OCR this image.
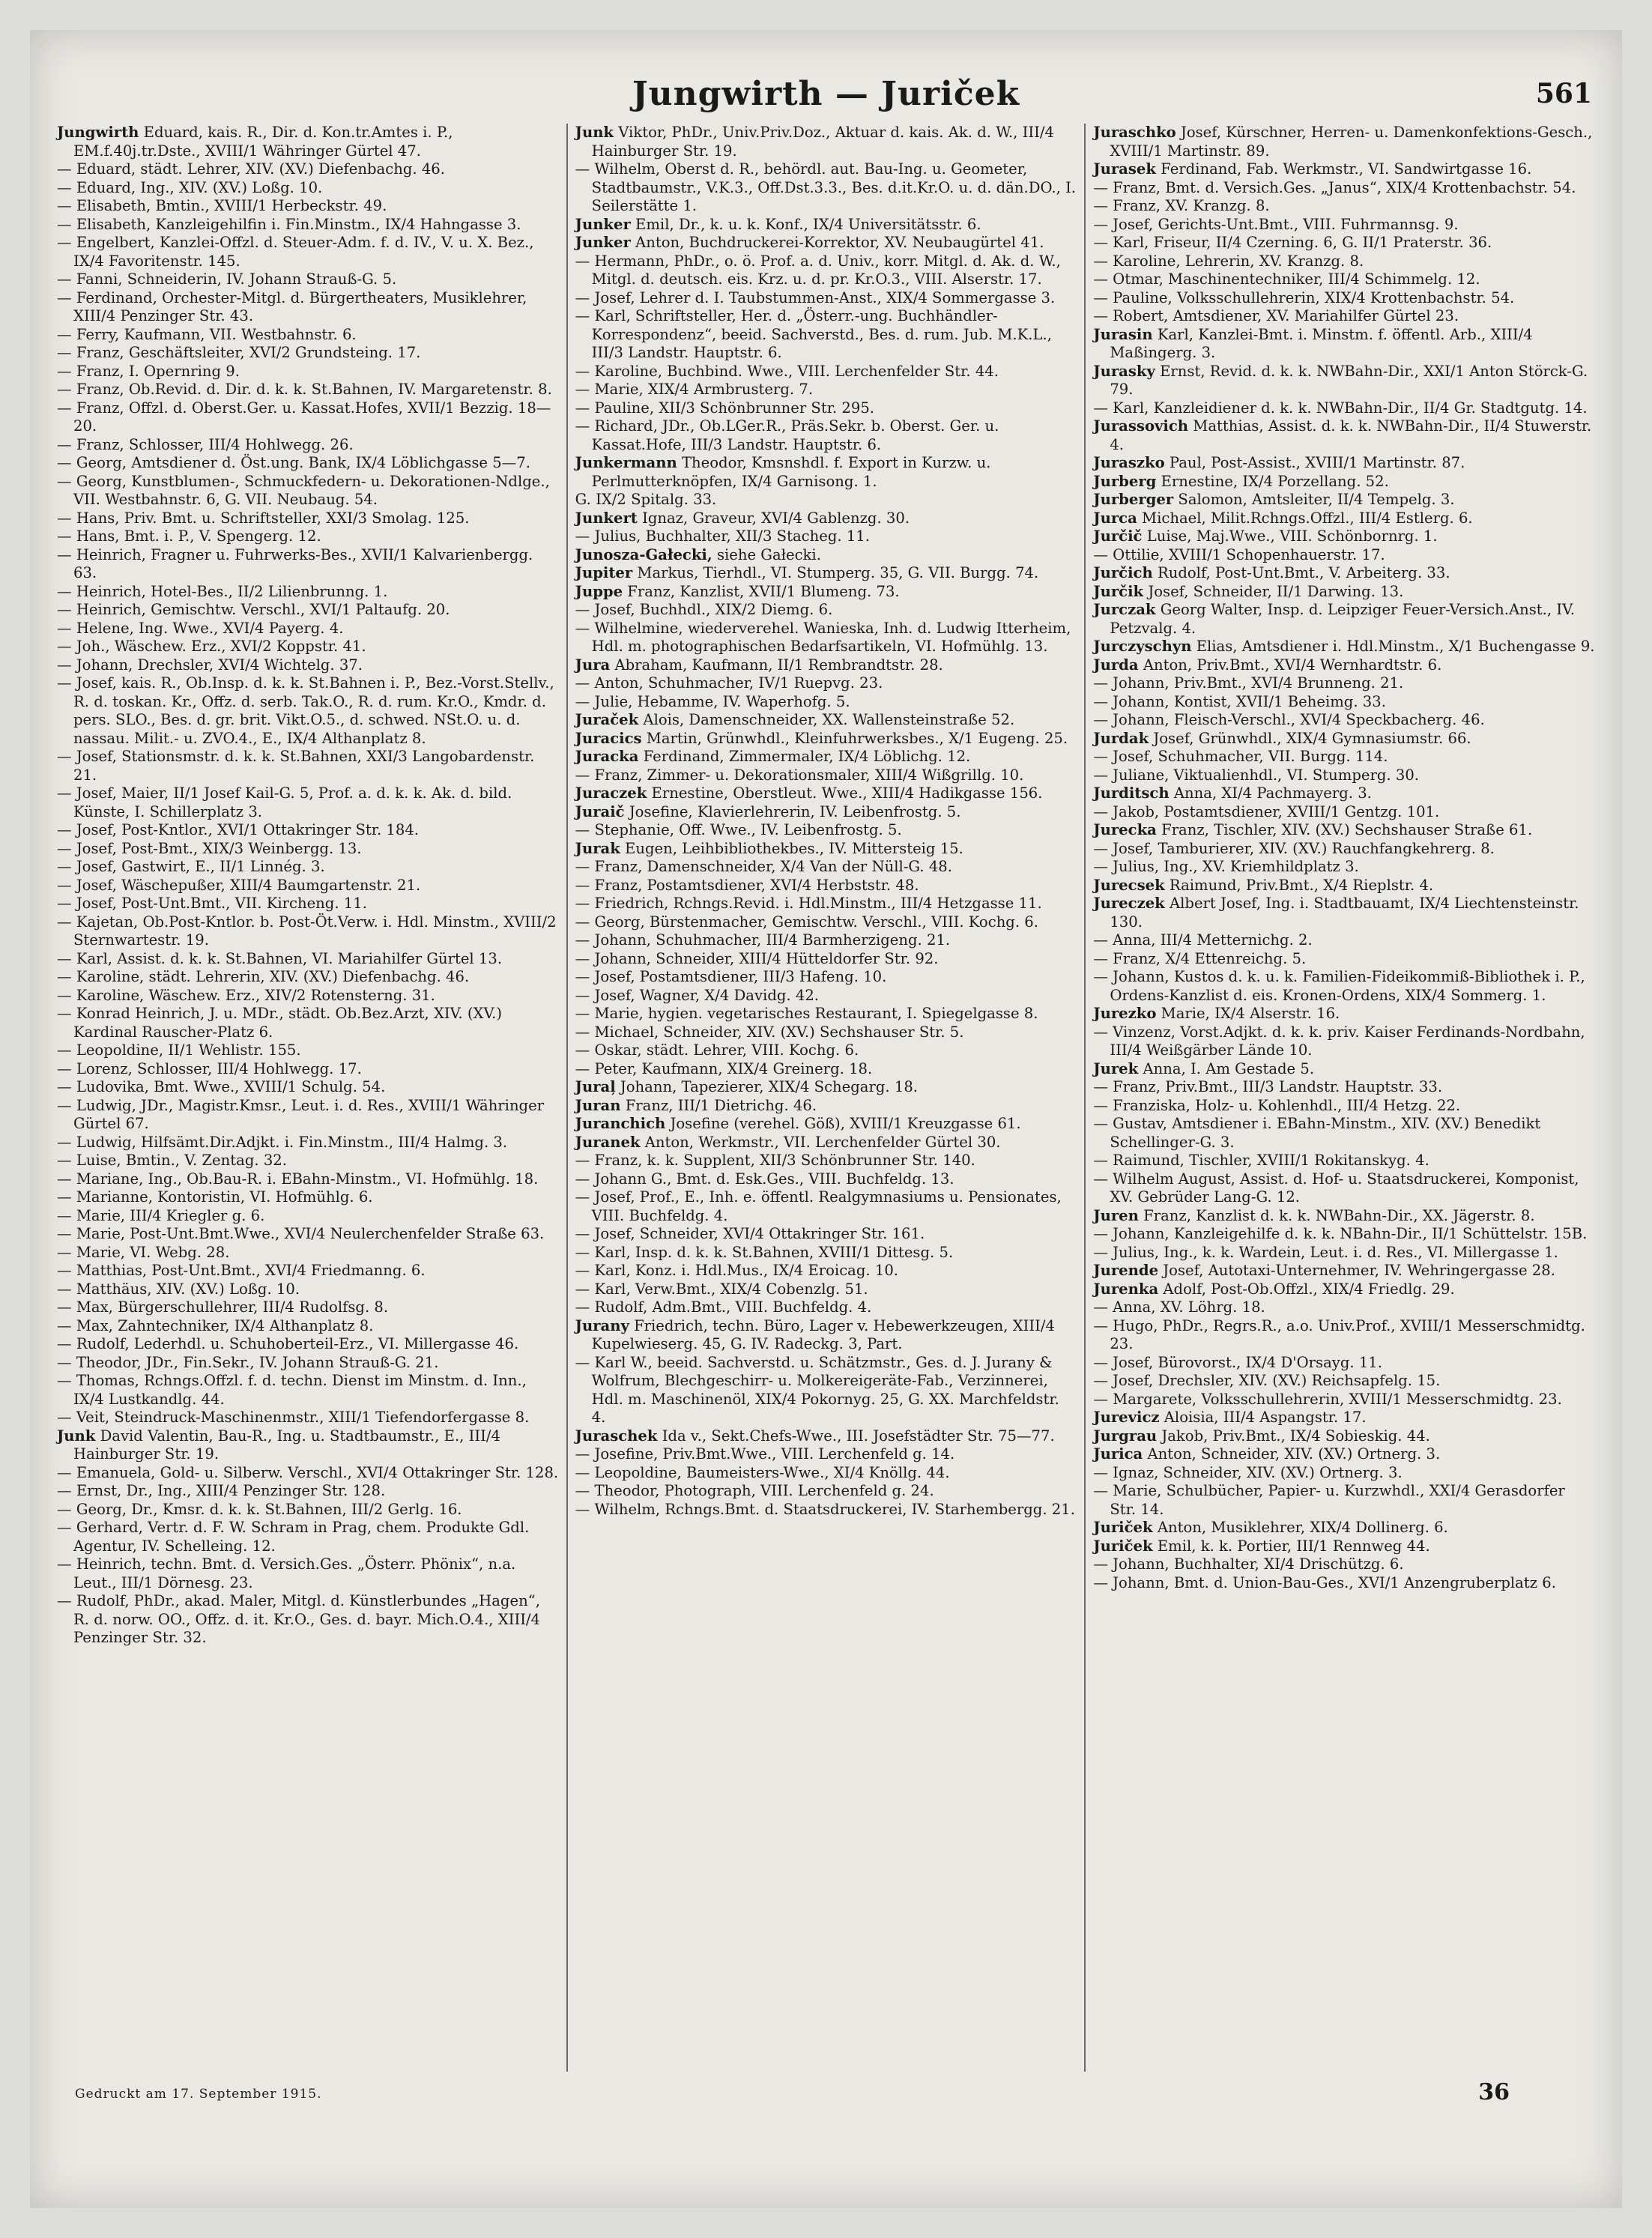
Jungwirth — Juriček	561

Jungwirth Eduard, kais. R., Dir. d. Kon.tr.Amtes i. P., EM.f.40j.tr.Dste., XVIII/1 Währinger Gürtel 47.

— Eduard, städt. Lehrer, XIV. (XV.) Diefenbachg. 46.

— Eduard, Ing., XIV. (XV.) Loßg. 10.

— Elisabeth, Bmtin., XVIII/1 Herbeckstr. 49.

— Elisabeth, Kanzleigehilfin i. Fin.Minstm., IX/4 Hahngasse 3.

— Engelbert, Kanzlei-Offzl. d. Steuer-Adm. f. d. IV., V. u. X. Bez., IX/4 Favoritenstr. 145.

— Fanni, Schneiderin, IV. Johann Strauß-G. 5.

— Ferdinand, Orchester-Mitgl. d. Bürgertheaters, Musiklehrer, XIII/4 Penzinger Str. 43.

— Ferry, Kaufmann, VII. Westbahnstr. 6.

— Franz, Geschäftsleiter, XVI/2 Grundsteing. 17.

— Franz, I. Opernring 9.

— Franz, Ob.Revid. d. Dir. d. k. k. St.Bahnen, IV. Margaretenstr. 8.

— Franz, Offzl. d. Oberst.Ger. u. Kassat.Hofes, XVII/1 Bezzig. 18—20.

— Franz, Schlosser, III/4 Hohlwegg. 26.

— Georg, Amtsdiener d. Öst.ung. Bank, IX/4 Löblichgasse 5—7.

— Georg, Kunstblumen-, Schmuckfedern- u. Dekorationen-Ndlge., VII. Westbahnstr. 6, G. VII. Neubaug. 54.

— Hans, Priv. Bmt. u. Schriftsteller, XXI/3 Smolag. 125.

— Hans, Bmt. i. P., V. Spengerg. 12.

— Heinrich, Fragner u. Fuhrwerks-Bes., XVII/1 Kalvarienbergg. 63.

— Heinrich, Hotel-Bes., II/2 Lilienbrunng. 1.

— Heinrich, Gemischtw. Verschl., XVI/1 Paltaufg. 20.

— Helene, Ing. Wwe., XVI/4 Payerg. 4.

— Joh., Wäschew. Erz., XVI/2 Koppstr. 41.

— Johann, Drechsler, XVI/4 Wichtelg. 37.

— Josef, kais. R., Ob.Insp. d. k. k. St.Bahnen i. P., Bez.-Vorst.Stellv., R. d. toskan. Kr., Offz. d. serb. Tak.O., R. d. rum. Kr.O., Kmdr. d. pers. SLO., Bes. d. gr. brit. Vikt.O.5., d. schwed. NSt.O. u. d. nassau. Milit.- u. ZVO.4., E., IX/4 Althanplatz 8.

— Josef, Stationsmstr. d. k. k. St.Bahnen, XXI/3 Langobardenstr. 21.

— Josef, Maier, II/1 Josef Kail-G. 5, Prof. a. d. k. k. Ak. d. bild. Künste, I. Schillerplatz 3.

— Josef, Post-Kntlor., XVI/1 Ottakringer Str. 184.

— Josef, Post-Bmt., XIX/3 Weinbergg. 13.

— Josef, Gastwirt, E., II/1 Linnég. 3.

— Josef, Wäschepußer, XIII/4 Baumgartenstr. 21.

— Josef, Post-Unt.Bmt., VII. Kircheng. 11.

— Kajetan, Ob.Post-Kntlor. b. Post-Öt.Verw. i. Hdl. Minstm., XVIII/2 Sternwartestr. 19.

— Karl, Assist. d. k. k. St.Bahnen, VI. Mariahilfer Gürtel 13.

— Karoline, städt. Lehrerin, XIV. (XV.) Diefenbachg. 46.

— Karoline, Wäschew. Erz., XIV/2 Rotensterng. 31.

— Konrad Heinrich, J. u. MDr., städt. Ob.Bez.Arzt, XIV. (XV.) Kardinal Rauscher-Platz 6.

— Leopoldine, II/1 Wehlistr. 155.

— Lorenz, Schlosser, III/4 Hohlwegg. 17.

— Ludovika, Bmt. Wwe., XVIII/1 Schulg. 54.

— Ludwig, JDr., Magistr.Kmsr., Leut. i. d. Res., XVIII/1 Währinger Gürtel 67.

— Ludwig, Hilfsämt.Dir.Adjkt. i. Fin.Minstm., III/4 Halmg. 3.

— Luise, Bmtin., V. Zentag. 32.

— Mariane, Ing., Ob.Bau-R. i. EBahn-Minstm., VI. Hofmühlg. 18.

— Marianne, Kontoristin, VI. Hofmühlg. 6.

— Marie, III/4 Kriegler g. 6.

— Marie, Post-Unt.Bmt.Wwe., XVI/4 Neulerchenfelder Straße 63.

— Marie, VI. Webg. 28.

— Matthias, Post-Unt.Bmt., XVI/4 Friedmanng. 6.

— Matthäus, XIV. (XV.) Loßg. 10.

— Max, Bürgerschullehrer, III/4 Rudolfsg. 8.

— Max, Zahntechniker, IX/4 Althanplatz 8.

— Rudolf, Lederhdl. u. Schuhoberteil-Erz., VI. Millergasse 46.

— Theodor, JDr., Fin.Sekr., IV. Johann Strauß-G. 21.

— Thomas, Rchngs.Offzl. f. d. techn. Dienst im Minstm. d. Inn., IX/4 Lustkandlg. 44.

— Veit, Steindruck-Maschinenmstr., XIII/1 Tiefendorfergasse 8.

Junk David Valentin, Bau-R., Ing. u. Stadtbaumstr., E., III/4 Hainburger Str. 19.

— Emanuela, Gold- u. Silberw. Verschl., XVI/4 Ottakringer Str. 128.

— Ernst, Dr., Ing., XIII/4 Penzinger Str. 128.

— Georg, Dr., Kmsr. d. k. k. St.Bahnen, III/2 Gerlg. 16.

— Gerhard, Vertr. d. F. W. Schram in Prag, chem. Produkte Gdl. Agentur, IV. Schelleing. 12.

— Heinrich, techn. Bmt. d. Versich.Ges. „Österr. Phönix“, n.a. Leut., III/1 Dörnesg. 23.

— Rudolf, PhDr., akad. Maler, Mitgl. d. Künstlerbundes „Hagen“, R. d. norw. OO., Offz. d. it. Kr.O., Ges. d. bayr. Mich.O.4., XIII/4 Penzinger Str. 32.

Junk Viktor, PhDr., Univ.Priv.Doz., Aktuar d. kais. Ak. d. W., III/4 Hainburger Str. 19.

— Wilhelm, Oberst d. R., behördl. aut. Bau-Ing. u. Geometer, Stadtbaumstr., V.K.3., Off.Dst.3.3., Bes. d.it.Kr.O. u. d. dän.DO., I. Seilerstätte 1.

Junker Emil, Dr., k. u. k. Konf., IX/4 Universitätsstr. 6.

Junker Anton, Buchdruckerei-Korrektor, XV. Neubaugürtel 41.

— Hermann, PhDr., o. ö. Prof. a. d. Univ., korr. Mitgl. d. Ak. d. W., Mitgl. d. deutsch. eis. Krz. u. d. pr. Kr.O.3., VIII. Alserstr. 17.

— Josef, Lehrer d. I. Taubstummen-Anst., XIX/4 Sommergasse 3.

— Karl, Schriftsteller, Her. d. „Österr.-ung. Buchhändler-Korrespondenz“, beeid. Sachverstd., Bes. d. rum. Jub. M.K.L., III/3 Landstr. Hauptstr. 6.

— Karoline, Buchbind. Wwe., VIII. Lerchenfelder Str. 44.

— Marie, XIX/4 Armbrusterg. 7.

— Pauline, XII/3 Schönbrunner Str. 295.

— Richard, JDr., Ob.LGer.R., Präs.Sekr. b. Oberst. Ger. u. Kassat.Hofe, III/3 Landstr. Hauptstr. 6.

Junkermann Theodor, Kmsnshdl. f. Export in Kurzw. u. Perlmutterknöpfen, IX/4 Garnisong. 1.

G. IX/2 Spitalg. 33.

Junkert Ignaz, Graveur, XVI/4 Gablenzg. 30.

— Julius, Buchhalter, XII/3 Stacheg. 11.

Junosza-Gałecki, siehe Gałecki.

Jupiter Markus, Tierhdl., VI. Stumperg. 35, G. VII. Burgg. 74.

Juppe Franz, Kanzlist, XVII/1 Blumeng. 73.

— Josef, Buchhdl., XIX/2 Diemg. 6.

— Wilhelmine, wiederverehel. Wanieska, Inh. d. Ludwig Itterheim, Hdl. m. photographischen Bedarfsartikeln, VI. Hofmühlg. 13.

Jura Abraham, Kaufmann, II/1 Rembrandtstr. 28.

— Anton, Schuhmacher, IV/1 Ruepvg. 23.

— Julie, Hebamme, IV. Waperhofg. 5.

Juraček Alois, Damenschneider, XX. Wallensteinstraße 52.

Juracics Martin, Grünwhdl., Kleinfuhrwerksbes., X/1 Eugeng. 25.

Juracka Ferdinand, Zimmermaler, IX/4 Löblichg. 12.

— Franz, Zimmer- u. Dekorationsmaler, XIII/4 Wißgrillg. 10.

Juraczek Ernestine, Oberstleut. Wwe., XIII/4 Hadikgasse 156.

Juraič Josefine, Klavierlehrerin, IV. Leibenfrostg. 5.

— Stephanie, Off. Wwe., IV. Leibenfrostg. 5.

Jurak Eugen, Leihbibliothekbes., IV. Mittersteig 15.

— Franz, Damenschneider, X/4 Van der Nüll-G. 48.

— Franz, Postamtsdiener, XVI/4 Herbststr. 48.

— Friedrich, Rchngs.Revid. i. Hdl.Minstm., III/4 Hetzgasse 11.

— Georg, Bürstenmacher, Gemischtw. Verschl., VIII. Kochg. 6.

— Johann, Schuhmacher, III/4 Barmherzigeng. 21.

— Johann, Schneider, XIII/4 Hütteldorfer Str. 92.

— Josef, Postamtsdiener, III/3 Hafeng. 10.

— Josef, Wagner, X/4 Davidg. 42.

— Marie, hygien. vegetarisches Restaurant, I. Spiegelgasse 8.

— Michael, Schneider, XIV. (XV.) Sechshauser Str. 5.

— Oskar, städt. Lehrer, VIII. Kochg. 6.

— Peter, Kaufmann, XIX/4 Greinerg. 18.

Juraļ Johann, Tapezierer, XIX/4 Schegarg. 18.

Juran Franz, III/1 Dietrichg. 46.

Juranchich Josefine (verehel. Göß), XVIII/1 Kreuzgasse 61.

Juranek Anton, Werkmstr., VII. Lerchenfelder Gürtel 30.

— Franz, k. k. Supplent, XII/3 Schönbrunner Str. 140.

— Johann G., Bmt. d. Esk.Ges., VIII. Buchfeldg. 13.

— Josef, Prof., E., Inh. e. öffentl. Realgymnasiums u. Pensionates, VIII. Buchfeldg. 4.

— Josef, Schneider, XVI/4 Ottakringer Str. 161.

— Karl, Insp. d. k. k. St.Bahnen, XVIII/1 Dittesg. 5.

— Karl, Konz. i. Hdl.Mus., IX/4 Eroicag. 10.

— Karl, Verw.Bmt., XIX/4 Cobenzlg. 51.

— Rudolf, Adm.Bmt., VIII. Buchfeldg. 4.

Jurany Friedrich, techn. Büro, Lager v. Hebewerkzeugen, XIII/4 Kupelwieserg. 45, G. IV. Radeckg. 3, Part.

— Karl W., beeid. Sachverstd. u. Schätzmstr., Ges. d. J. Jurany & Wolfrum, Blechgeschirr- u. Molkereigeräte-Fab., Verzinnerei, Hdl. m. Maschinenöl, XIX/4 Pokornyg. 25, G. XX. Marchfeldstr. 4.

Juraschek Ida v., Sekt.Chefs-Wwe., III. Josefstädter Str. 75—77.

— Josefine, Priv.Bmt.Wwe., VIII. Lerchenfeld g. 14.

— Leopoldine, Baumeisters-Wwe., XI/4 Knöllg. 44.

— Theodor, Photograph, VIII. Lerchenfeld g. 24.

— Wilhelm, Rchngs.Bmt. d. Staatsdruckerei, IV. Starhembergg. 21.

Juraschko Josef, Kürschner, Herren- u. Damenkonfektions-Gesch., XVIII/1 Martinstr. 89.

Jurasek Ferdinand, Fab. Werkmstr., VI. Sandwirtgasse 16.

— Franz, Bmt. d. Versich.Ges. „Janus“, XIX/4 Krottenbachstr. 54.

— Franz, XV. Kranzg. 8.

— Josef, Gerichts-Unt.Bmt., VIII. Fuhrmannsg. 9.

— Karl, Friseur, II/4 Czerning. 6, G. II/1 Praterstr. 36.

— Karoline, Lehrerin, XV. Kranzg. 8.

— Otmar, Maschinentechniker, III/4 Schimmelg. 12.

— Pauline, Volksschullehrerin, XIX/4 Krottenbachstr. 54.

— Robert, Amtsdiener, XV. Mariahilfer Gürtel 23.

Jurasin Karl, Kanzlei-Bmt. i. Minstm. f. öffentl. Arb., XIII/4 Maßingerg. 3.

Jurasky Ernst, Revid. d. k. k. NWBahn-Dir., XXI/1 Anton Störck-G. 79.

— Karl, Kanzleidiener d. k. k. NWBahn-Dir., II/4 Gr. Stadtgutg. 14.

Jurassovich Matthias, Assist. d. k. k. NWBahn-Dir., II/4 Stuwerstr. 4.

Juraszko Paul, Post-Assist., XVIII/1 Martinstr. 87.

Jurberg Ernestine, IX/4 Porzellang. 52.

Jurberger Salomon, Amtsleiter, II/4 Tempelg. 3.

Jurca Michael, Milit.Rchngs.Offzl., III/4 Estlerg. 6.

Jurčič Luise, Maj.Wwe., VIII. Schönbornrg. 1.

— Ottilie, XVIII/1 Schopenhauerstr. 17.

Jurčich Rudolf, Post-Unt.Bmt., V. Arbeiterg. 33.

Jurčik Josef, Schneider, II/1 Darwing. 13.

Jurczak Georg Walter, Insp. d. Leipziger Feuer-Versich.Anst., IV. Petzvalg. 4.

Jurczyschyn Elias, Amtsdiener i. Hdl.Minstm., X/1 Buchengasse 9.

Jurda Anton, Priv.Bmt., XVI/4 Wernhardtstr. 6.

— Johann, Priv.Bmt., XVI/4 Brunneng. 21.

— Johann, Kontist, XVII/1 Beheimg. 33.

— Johann, Fleisch-Verschl., XVI/4 Speckbacherg. 46.

Jurdak Josef, Grünwhdl., XIX/4 Gymnasiumstr. 66.

— Josef, Schuhmacher, VII. Burgg. 114.

— Juliane, Viktualienhdl., VI. Stumperg. 30.

Jurditsch Anna, XI/4 Pachmayerg. 3.

— Jakob, Postamtsdiener, XVIII/1 Gentzg. 101.

Jurecka Franz, Tischler, XIV. (XV.) Sechshauser Straße 61.

— Josef, Tamburierer, XIV. (XV.) Rauchfangkehrerg. 8.

— Julius, Ing., XV. Kriemhildplatz 3.

Jurecsek Raimund, Priv.Bmt., X/4 Rieplstr. 4.

Jureczek Albert Josef, Ing. i. Stadtbauamt, IX/4 Liechtensteinstr. 130.

— Anna, III/4 Metternichg. 2.

— Franz, X/4 Ettenreichg. 5.

— Johann, Kustos d. k. u. k. Familien-Fideikommiß-Bibliothek i. P., Ordens-Kanzlist d. eis. Kronen-Ordens, XIX/4 Sommerg. 1.

Jurezko Marie, IX/4 Alserstr. 16.

— Vinzenz, Vorst.Adjkt. d. k. k. priv. Kaiser Ferdinands-Nordbahn, III/4 Weißgärber Lände 10.

Jurek Anna, I. Am Gestade 5.

— Franz, Priv.Bmt., III/3 Landstr. Hauptstr. 33.

— Franziska, Holz- u. Kohlenhdl., III/4 Hetzg. 22.

— Gustav, Amtsdiener i. EBahn-Minstm., XIV. (XV.) Benedikt Schellinger-G. 3.

— Raimund, Tischler, XVIII/1 Rokitanskyg. 4.

— Wilhelm August, Assist. d. Hof- u. Staatsdruckerei, Komponist, XV. Gebrüder Lang-G. 12.

Juren Franz, Kanzlist d. k. k. NWBahn-Dir., XX. Jägerstr. 8.

— Johann, Kanzleigehilfe d. k. k. NBahn-Dir., II/1 Schüttelstr. 15B.

— Julius, Ing., k. k. Wardein, Leut. i. d. Res., VI. Millergasse 1.

Jurende Josef, Autotaxi-Unternehmer, IV. Wehringergasse 28.

Jurenka Adolf, Post-Ob.Offzl., XIX/4 Friedlg. 29.

— Anna, XV. Löhrg. 18.

— Hugo, PhDr., Regrs.R., a.o. Univ.Prof., XVIII/1 Messerschmidtg. 23.

— Josef, Bürovorst., IX/4 D'Orsayg. 11.

— Josef, Drechsler, XIV. (XV.) Reichsapfelg. 15.

— Margarete, Volksschullehrerin, XVIII/1 Messerschmidtg. 23.

Jurevicz Aloisia, III/4 Aspangstr. 17.

Jurgrau Jakob, Priv.Bmt., IX/4 Sobieskig. 44.

Jurica Anton, Schneider, XIV. (XV.) Ortnerg. 3.

— Ignaz, Schneider, XIV. (XV.) Ortnerg. 3.

— Marie, Schulbücher, Papier- u. Kurzwhdl., XXI/4 Gerasdorfer Str. 14.

Juriček Anton, Musiklehrer, XIX/4 Dollinerg. 6.

Juriček Emil, k. k. Portier, III/1 Rennweg 44.

— Johann, Buchhalter, XI/4 Drischützg. 6.

— Johann, Bmt. d. Union-Bau-Ges., XVI/1 Anzengruberplatz 6.

Gedruckt am 17. September 1915.	36
